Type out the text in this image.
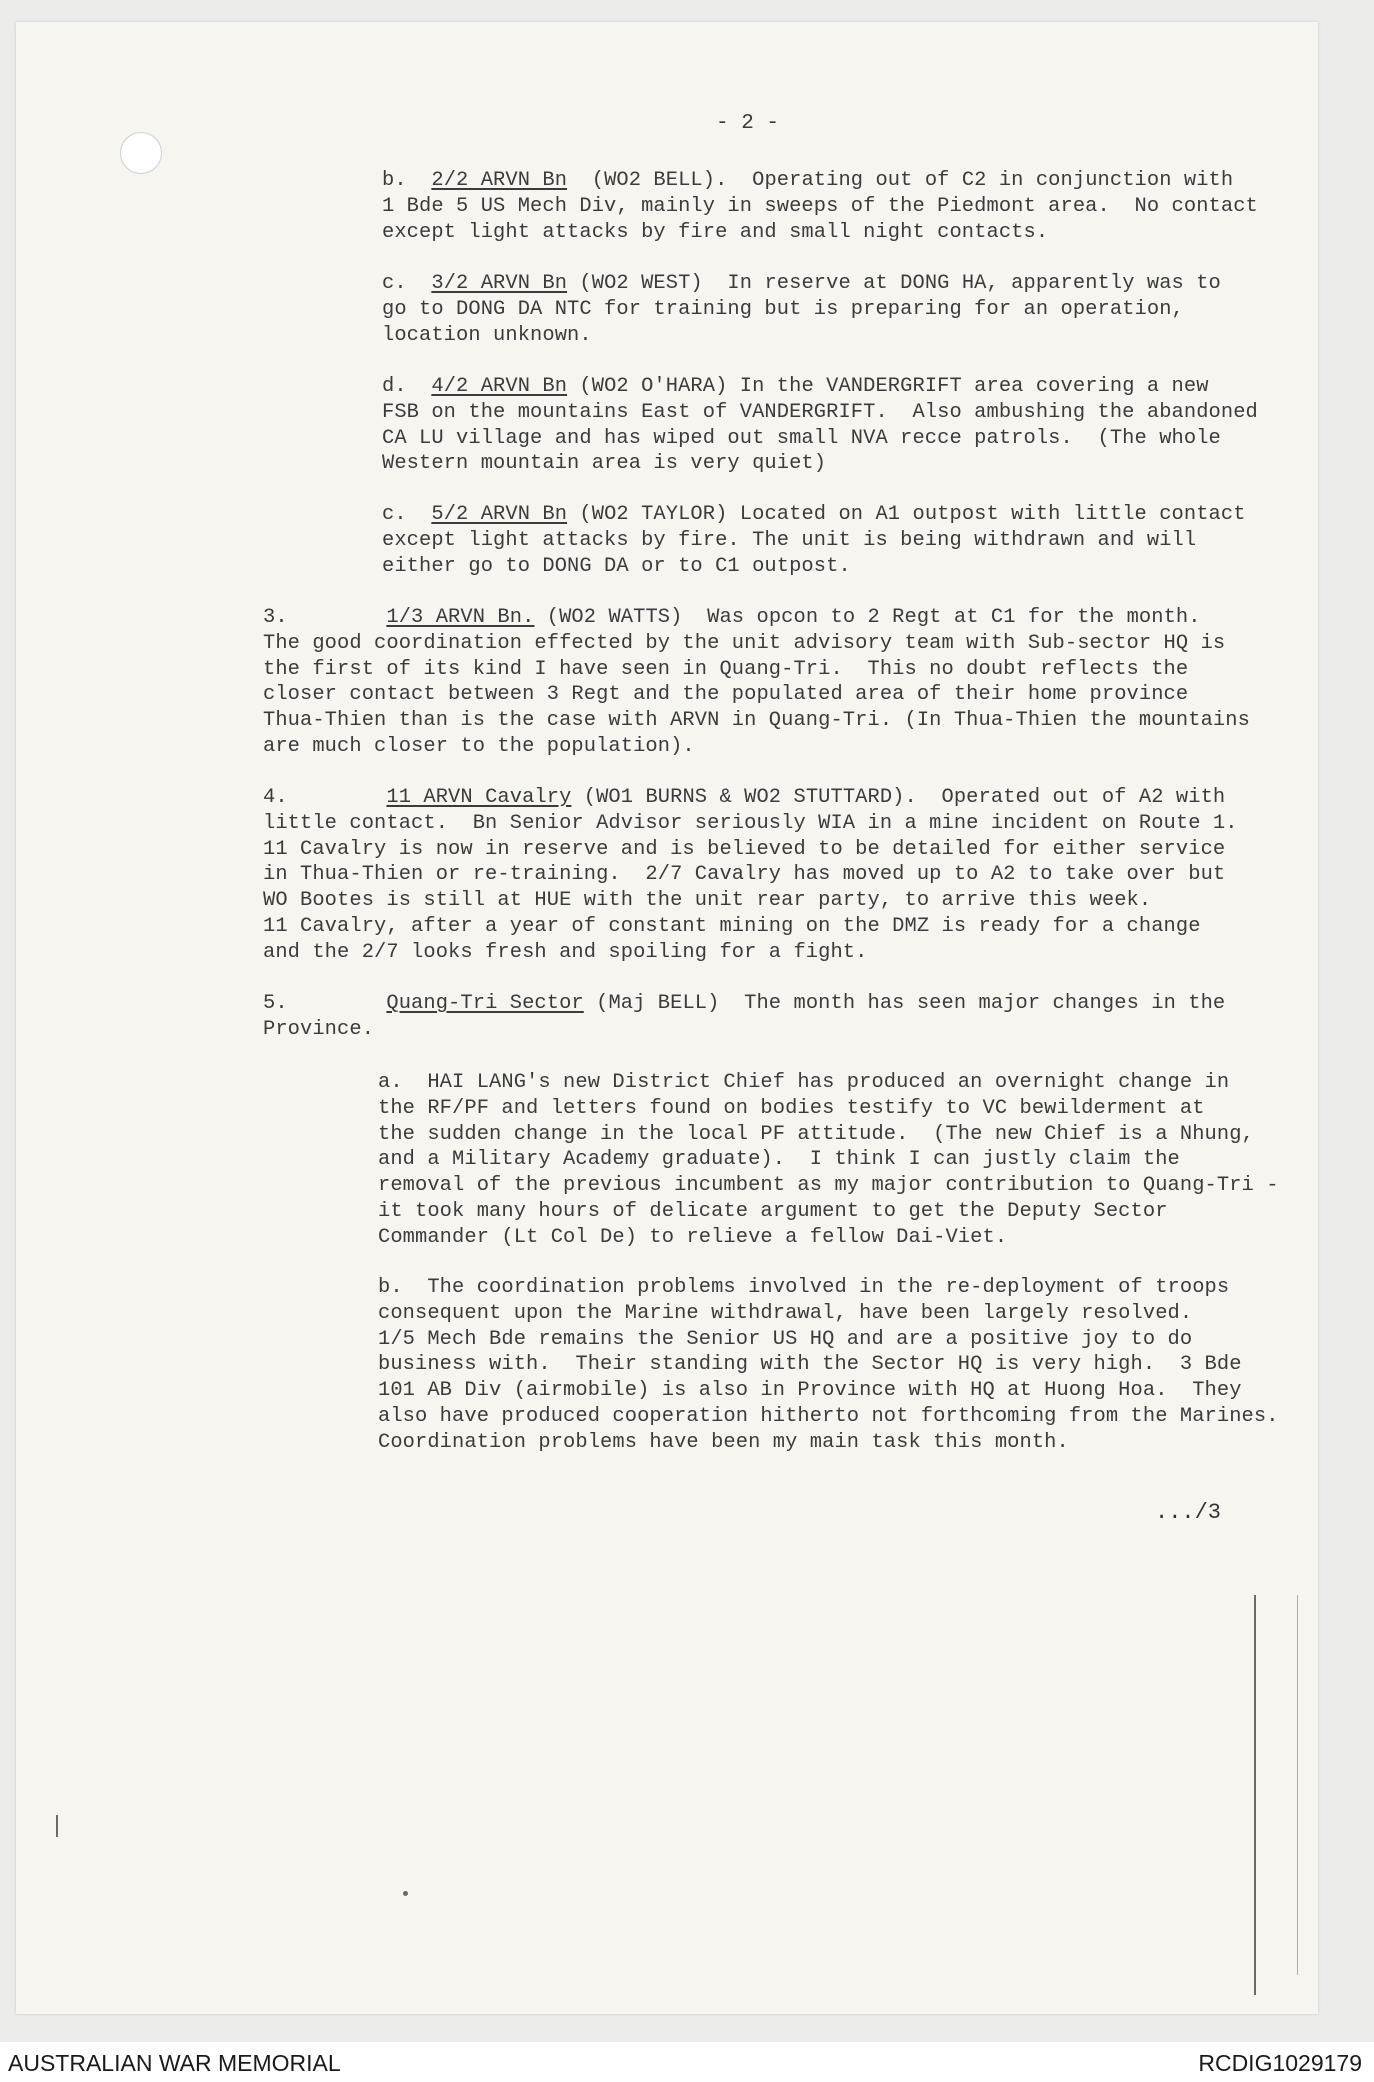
- 2 -

b.  2/2 ARVN Bn  (WO2 BELL).  Operating out of C2 in conjunction with
1 Bde 5 US Mech Div, mainly in sweeps of the Piedmont area.  No contact
except light attacks by fire and small night contacts.

c.  3/2 ARVN Bn (WO2 WEST)  In reserve at DONG HA, apparently was to
go to DONG DA NTC for training but is preparing for an operation,
location unknown.

d.  4/2 ARVN Bn (WO2 O'HARA) In the VANDERGRIFT area covering a new
FSB on the mountains East of VANDERGRIFT.  Also ambushing the abandoned
CA LU village and has wiped out small NVA recce patrols.  (The whole
Western mountain area is very quiet)

c.  5/2 ARVN Bn (WO2 TAYLOR) Located on A1 outpost with little contact
except light attacks by fire. The unit is being withdrawn and will
either go to DONG DA or to C1 outpost.

3.        1/3 ARVN Bn. (WO2 WATTS)  Was opcon to 2 Regt at C1 for the month.
The good coordination effected by the unit advisory team with Sub-sector HQ is
the first of its kind I have seen in Quang-Tri.  This no doubt reflects the
closer contact between 3 Regt and the populated area of their home province
Thua-Thien than is the case with ARVN in Quang-Tri. (In Thua-Thien the mountains
are much closer to the population).

4.        11 ARVN Cavalry (WO1 BURNS & WO2 STUTTARD).  Operated out of A2 with
little contact.  Bn Senior Advisor seriously WIA in a mine incident on Route 1.
11 Cavalry is now in reserve and is believed to be detailed for either service
in Thua-Thien or re-training.  2/7 Cavalry has moved up to A2 to take over but
WO Bootes is still at HUE with the unit rear party, to arrive this week.
11 Cavalry, after a year of constant mining on the DMZ is ready for a change
and the 2/7 looks fresh and spoiling for a fight.

5.        Quang-Tri Sector (Maj BELL)  The month has seen major changes in the
Province.

a.  HAI LANG's new District Chief has produced an overnight change in
the RF/PF and letters found on bodies testify to VC bewilderment at
the sudden change in the local PF attitude.  (The new Chief is a Nhung,
and a Military Academy graduate).  I think I can justly claim the
removal of the previous incumbent as my major contribution to Quang-Tri -
it took many hours of delicate argument to get the Deputy Sector
Commander (Lt Col De) to relieve a fellow Dai-Viet.

b.  The coordination problems involved in the re-deployment of troops
consequent upon the Marine withdrawal, have been largely resolved.
1/5 Mech Bde remains the Senior US HQ and are a positive joy to do
business with.  Their standing with the Sector HQ is very high.  3 Bde
101 AB Div (airmobile) is also in Province with HQ at Huong Hoa.  They
also have produced cooperation hitherto not forthcoming from the Marines.
Coordination problems have been my main task this month.

.../3
AUSTRALIAN WAR MEMORIAL	RCDIG1029179
